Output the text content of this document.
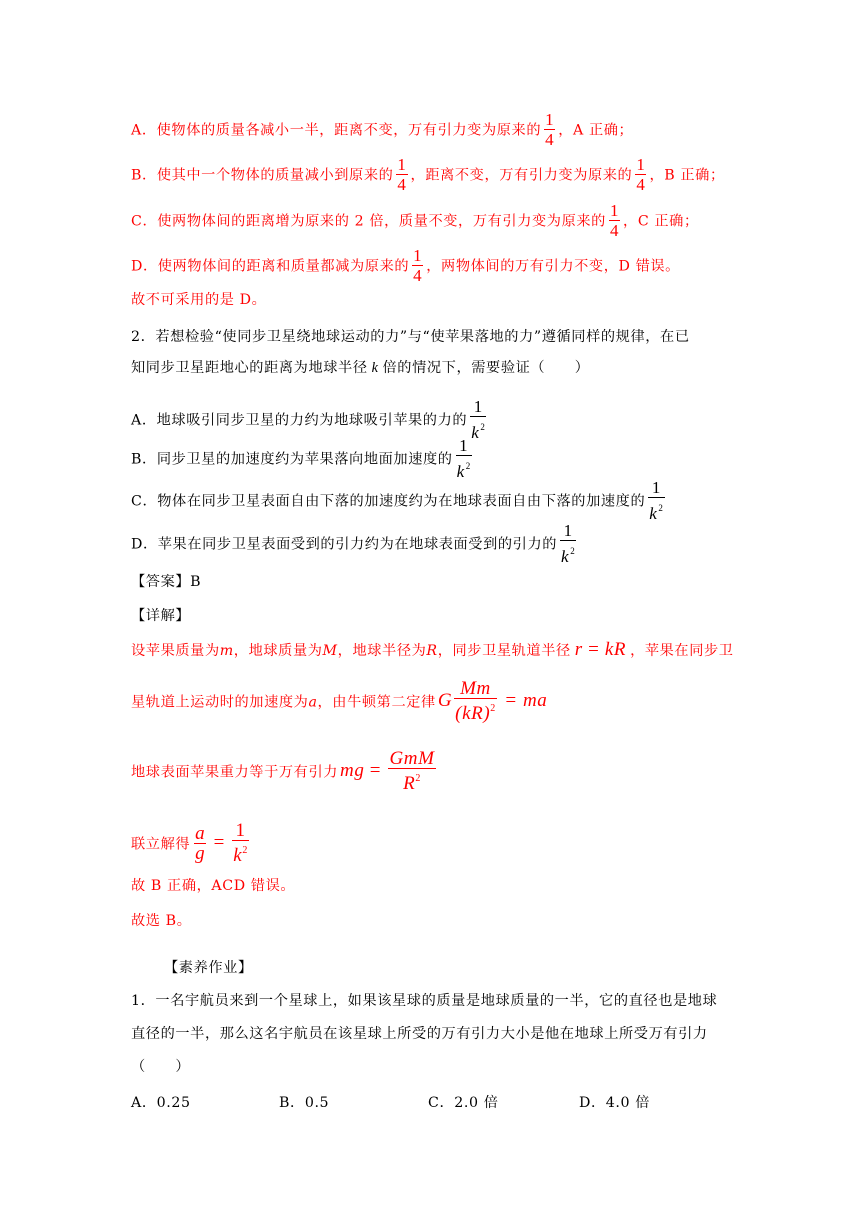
A．使物体的质量各减小一半，距离不变，万有引力变为原来的 $\frac{1}{4}$ ，A 正确；
B．使其中一个物体的质量减小到原来的 $\frac{1}{4}$ ，距离不变，万有引力变为原来的 $\frac{1}{4}$ ，B 正确；
C．使两物体间的距离增为原来的 2 倍，质量不变，万有引力变为原来的 $\frac{1}{4}$ ，C 正确；
D．使两物体间的距离和质量都减为原来的 $\frac{1}{4}$ ，两物体间的万有引力不变，D 错误。
故不可采用的是 D。
2．若想检验“使同步卫星绕地球运动的力”与“使苹果落地的力”遵循同样的规律，在已
知同步卫星距地心的距离为地球半径 k 倍的情况下，需要验证（　　）
A．地球吸引同步卫星的力约为地球吸引苹果的力的 $\frac{1}{k^2}$
B．同步卫星的加速度约为苹果落向地面加速度的 $\frac{1}{k^2}$
C．物体在同步卫星表面自由下落的加速度约为在地球表面自由下落的加速度的 $\frac{1}{k^2}$
D．苹果在同步卫星表面受到的引力约为在地球表面受到的引力的 $\frac{1}{k^2}$
【答案】B
【详解】
设苹果质量为m，地球质量为M，地球半径为R，同步卫星轨道半径 r = kR ，苹果在同步卫
星轨道上运动时的加速度为a，由牛顿第二定律 G $\frac{Mm}{(kR)^2}$ = ma
地球表面苹果重力等于万有引力 mg = $\frac{\text{GmM}}{R^2}$
联立解得 $\frac{a}{g} = \frac{1}{k^2}$
故 B 正确，ACD 错误。
故选 B。
【素养作业】
1．一名宇航员来到一个星球上，如果该星球的质量是地球质量的一半，它的直径也是地球
直径的一半，那么这名宇航员在该星球上所受的万有引力大小是他在地球上所受万有引力
（　　）
A．0.25	B．0.5	C．2.0 倍	D．4.0 倍
